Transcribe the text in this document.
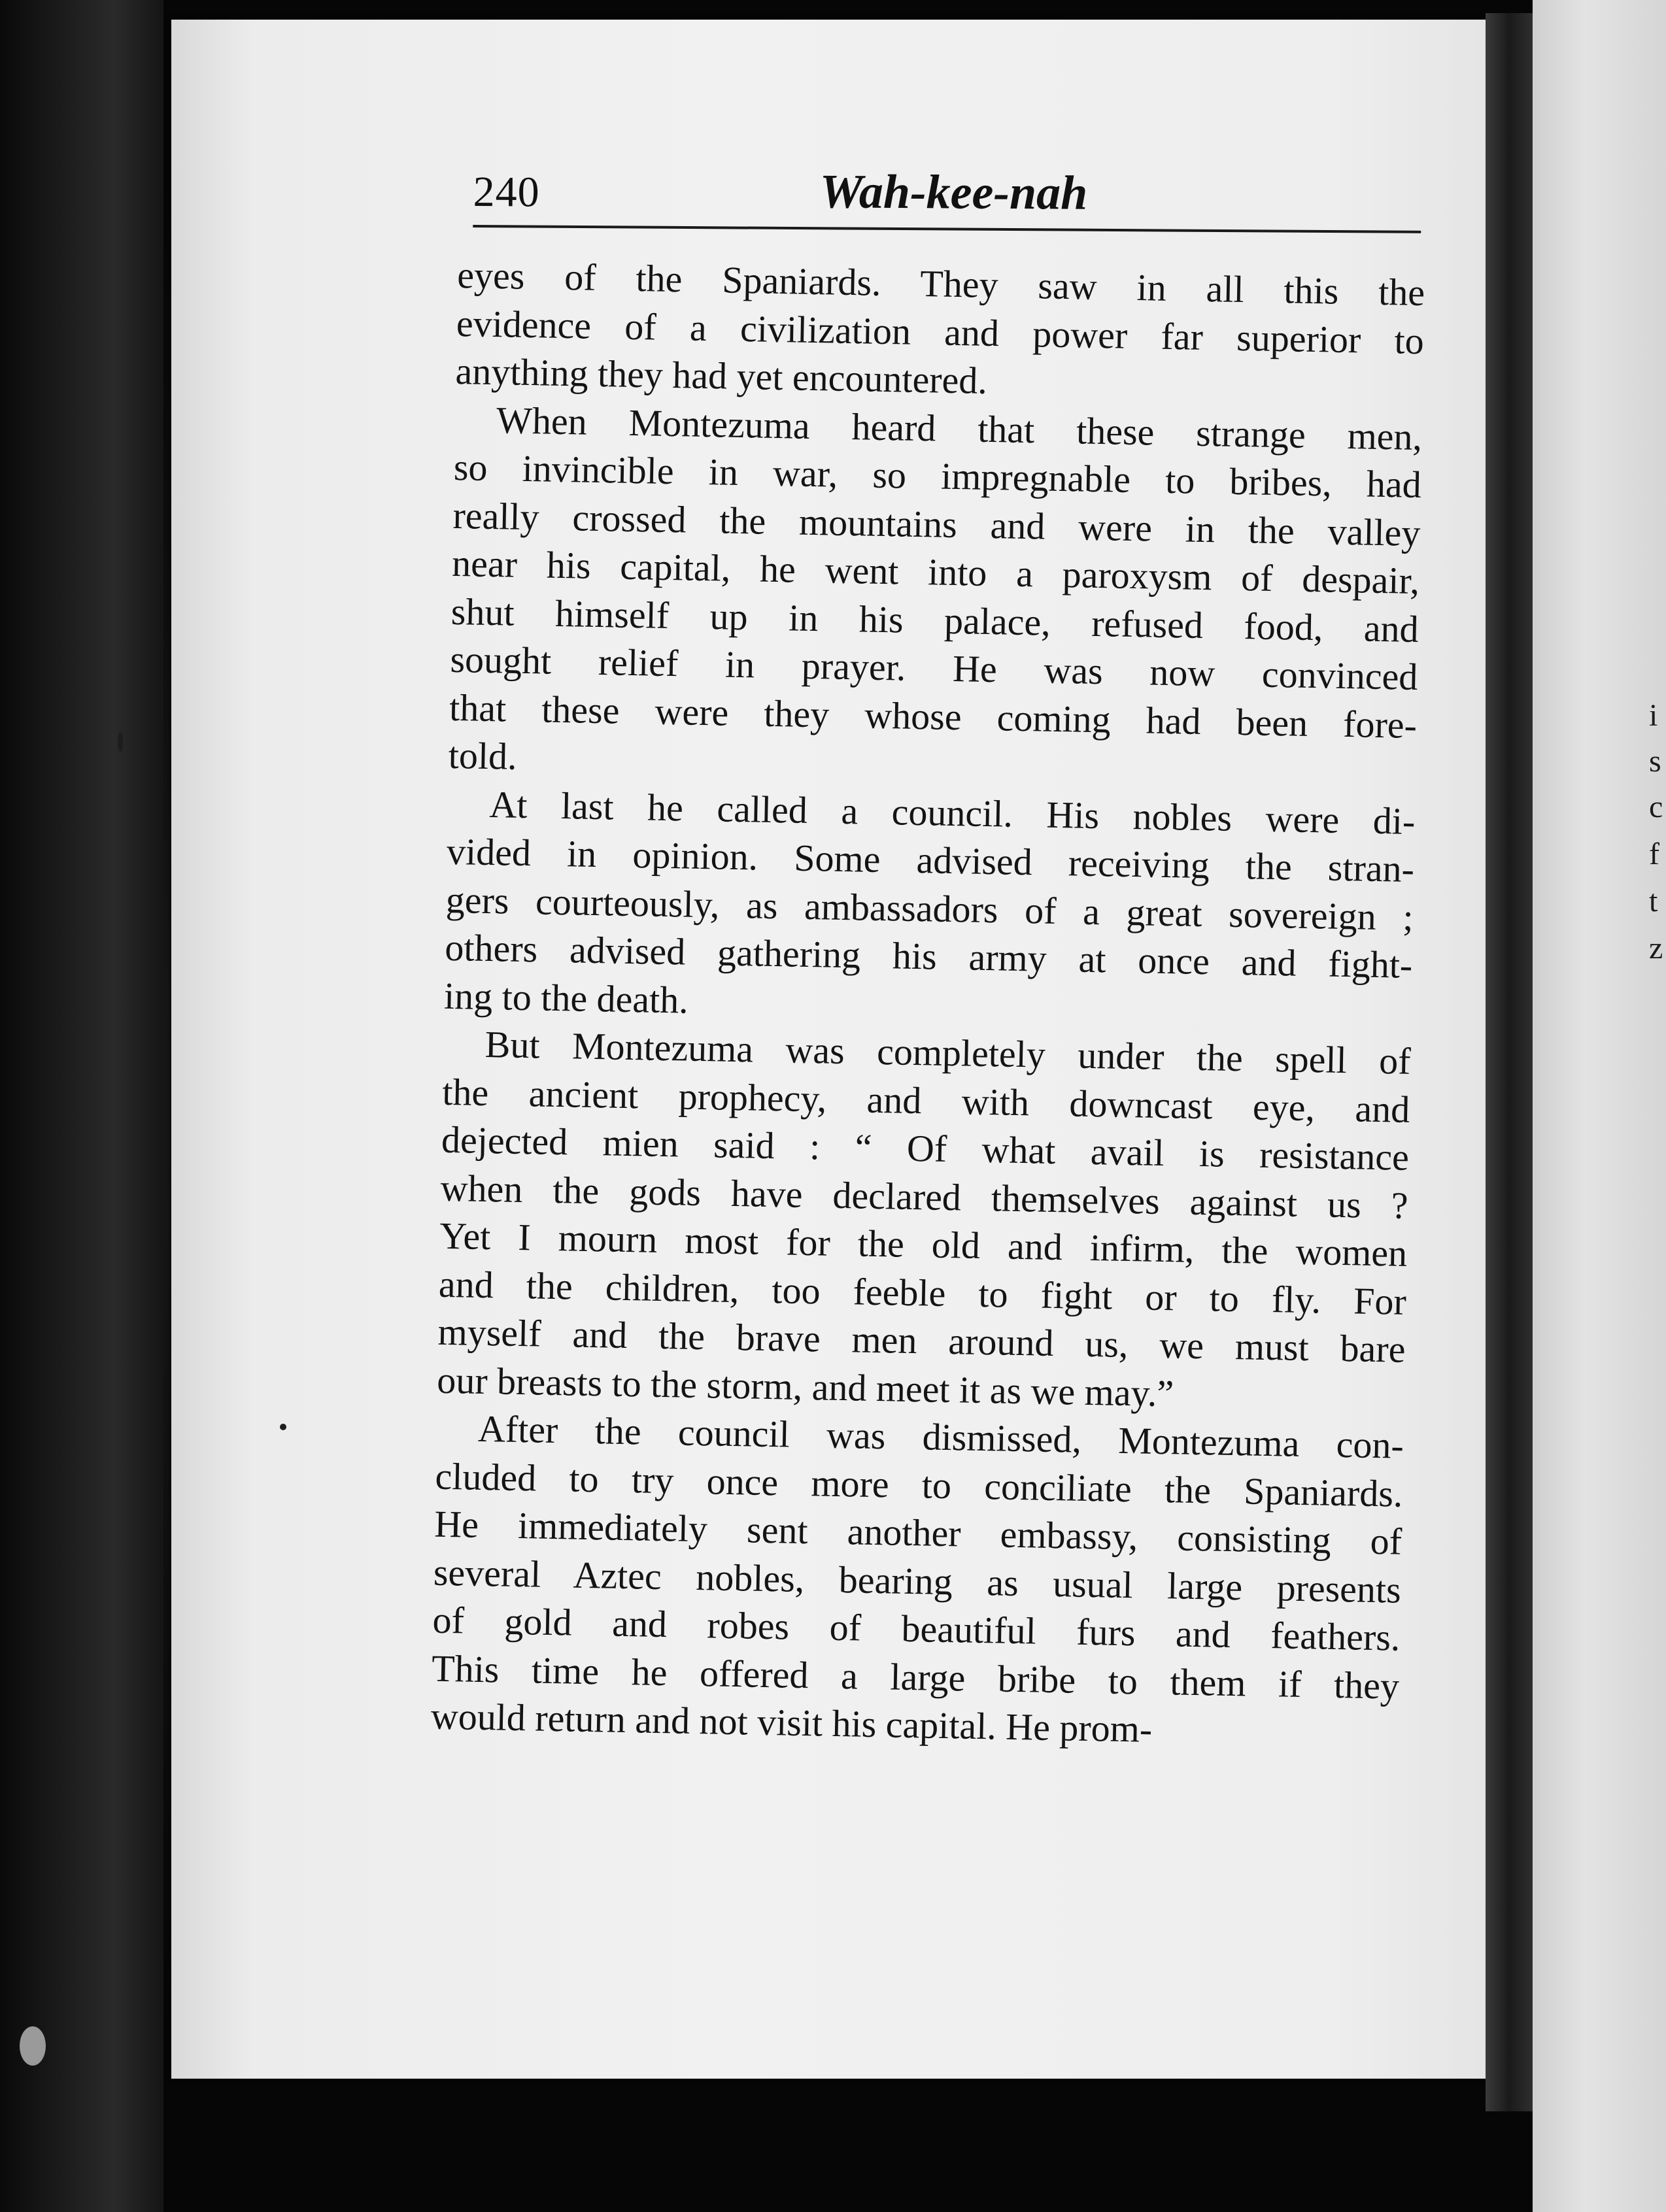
i
s
c
f
t
z
240	Wah-kee-nah
eyes of the Spaniards. They saw in all this the
evidence of a civilization and power far superior to
anything they had yet encountered.
When Montezuma heard that these strange men,
so invincible in war, so impregnable to bribes, had
really crossed the mountains and were in the valley
near his capital, he went into a paroxysm of despair,
shut himself up in his palace, refused food, and
sought relief in prayer. He was now convinced
that these were they whose coming had been fore-
told.
At last he called a council. His nobles were di-
vided in opinion. Some advised receiving the stran-
gers courteously, as ambassadors of a great sovereign ;
others advised gathering his army at once and fight-
ing to the death.
But Montezuma was completely under the spell of
the ancient prophecy, and with downcast eye, and
dejected mien said : “ Of what avail is resistance
when the gods have declared themselves against us ?
Yet I mourn most for the old and infirm, the women
and the children, too feeble to fight or to fly. For
myself and the brave men around us, we must bare
our breasts to the storm, and meet it as we may.”
After the council was dismissed, Montezuma con-
cluded to try once more to conciliate the Spaniards.
He immediately sent another embassy, consisting of
several Aztec nobles, bearing as usual large presents
of gold and robes of beautiful furs and feathers.
This time he offered a large bribe to them if they
would return and not visit his capital. He prom-
